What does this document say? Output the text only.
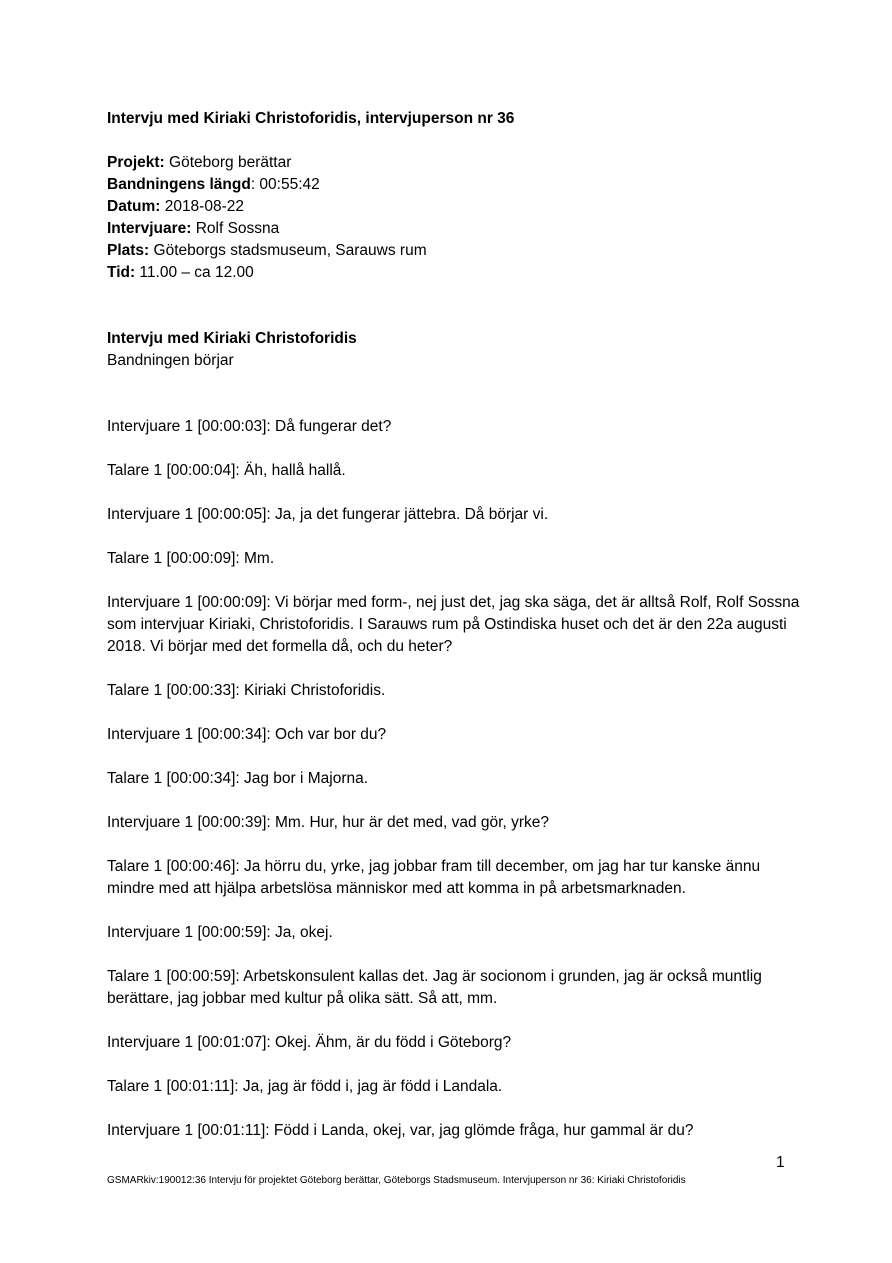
Intervju med Kiriaki Christoforidis, intervjuperson nr 36

Projekt: Göteborg berättar

Bandningens längd: 00:55:42

Datum: 2018-08-22

Intervjuare: Rolf Sossna

Plats: Göteborgs stadsmuseum, Sarauws rum

Tid: 11.00 – ca 12.00

Intervju med Kiriaki Christoforidis

Bandningen börjar

Intervjuare 1 [00:00:03]: Då fungerar det?

Talare 1 [00:00:04]: Äh, hallå hallå.

Intervjuare 1 [00:00:05]: Ja, ja det fungerar jättebra. Då börjar vi.

Talare 1 [00:00:09]: Mm.

Intervjuare 1 [00:00:09]: Vi börjar med form-, nej just det, jag ska säga, det är alltså Rolf, Rolf Sossna som intervjuar Kiriaki, Christoforidis. I Sarauws rum på Ostindiska huset och det är den 22a augusti 2018. Vi börjar med det formella då, och du heter?

Talare 1 [00:00:33]: Kiriaki Christoforidis.

Intervjuare 1 [00:00:34]: Och var bor du?

Talare 1 [00:00:34]: Jag bor i Majorna.

Intervjuare 1 [00:00:39]: Mm. Hur, hur är det med, vad gör, yrke?

Talare 1 [00:00:46]: Ja hörru du, yrke, jag jobbar fram till december, om jag har tur kanske ännu mindre med att hjälpa arbetslösa människor med att komma in på arbetsmarknaden.

Intervjuare 1 [00:00:59]: Ja, okej.

Talare 1 [00:00:59]: Arbetskonsulent kallas det. Jag är socionom i grunden, jag är också muntlig berättare, jag jobbar med kultur på olika sätt. Så att, mm.

Intervjuare 1 [00:01:07]: Okej. Ähm, är du född i Göteborg?

Talare 1 [00:01:11]: Ja, jag är född i, jag är född i Landala.

Intervjuare 1 [00:01:11]: Född i Landa, okej, var, jag glömde fråga, hur gammal är du?

1
GSMARkiv:190012:36 Intervju för projektet Göteborg berättar, Göteborgs Stadsmuseum. Intervjuperson nr 36: Kiriaki Christoforidis
